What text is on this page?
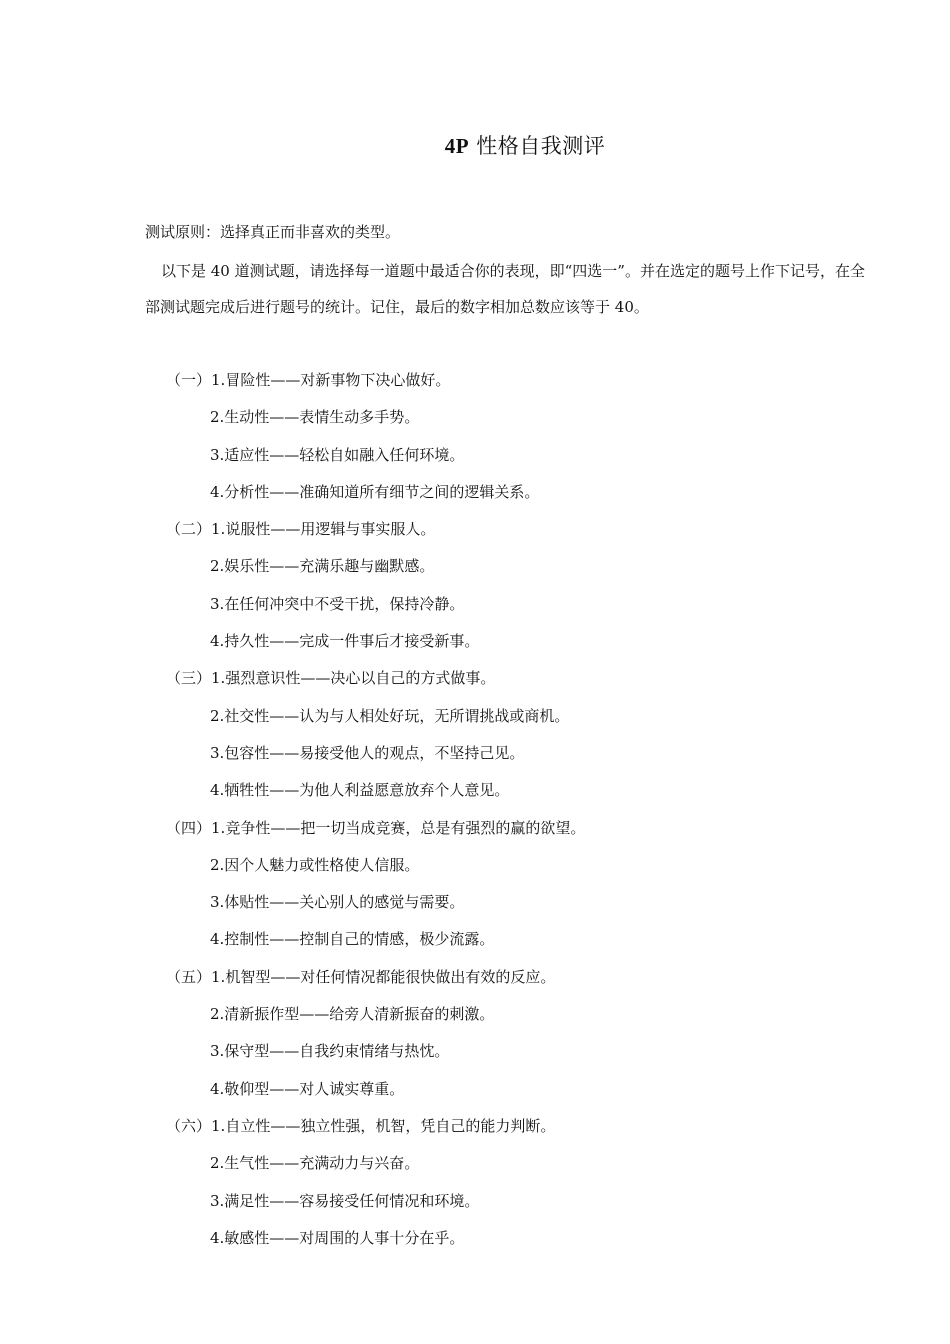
4P 性格自我测评

测试原则：选择真正而非喜欢的类型。

以下是 40 道测试题，请选择每一道题中最适合你的表现，即“四选一”。并在选定的题号上作下记号，在全部测试题完成后进行题号的统计。记住，最后的数字相加总数应该等于 40。

（一）1.冒险性——对新事物下决心做好。
2.生动性——表情生动多手势。
3.适应性——轻松自如融入任何环境。
4.分析性——准确知道所有细节之间的逻辑关系。
（二）1.说服性——用逻辑与事实服人。
2.娱乐性——充满乐趣与幽默感。
3.在任何冲突中不受干扰，保持冷静。
4.持久性——完成一件事后才接受新事。
（三）1.强烈意识性——决心以自己的方式做事。
2.社交性——认为与人相处好玩，无所谓挑战或商机。
3.包容性——易接受他人的观点，不坚持己见。
4.牺牲性——为他人利益愿意放弃个人意见。
（四）1.竞争性——把一切当成竞赛，总是有强烈的赢的欲望。
2.因个人魅力或性格使人信服。
3.体贴性——关心别人的感觉与需要。
4.控制性——控制自己的情感，极少流露。
（五）1.机智型——对任何情况都能很快做出有效的反应。
2.清新振作型——给旁人清新振奋的刺激。
3.保守型——自我约束情绪与热忱。
4.敬仰型——对人诚实尊重。
（六）1.自立性——独立性强，机智，凭自己的能力判断。
2.生气性——充满动力与兴奋。
3.满足性——容易接受任何情况和环境。
4.敏感性——对周围的人事十分在乎。
